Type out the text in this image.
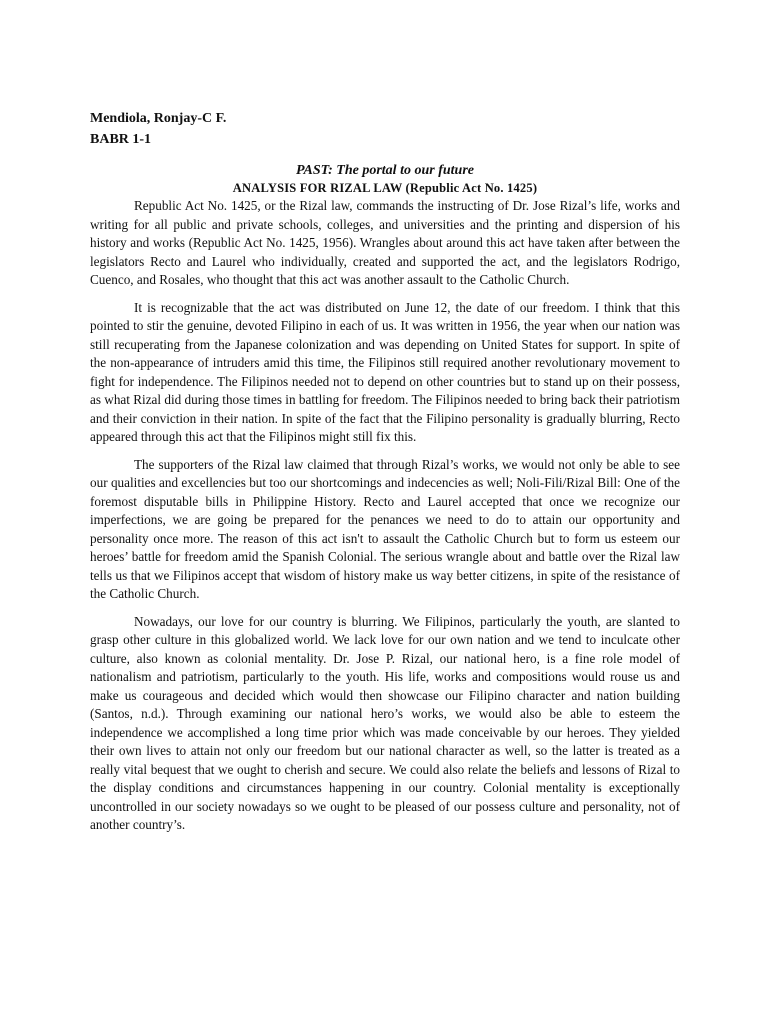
Mendiola, Ronjay-C F.

BABR 1-1

PAST: The portal to our future

ANALYSIS FOR RIZAL LAW (Republic Act No. 1425)

Republic Act No. 1425, or the Rizal law, commands the instructing of Dr. Jose Rizal’s life, works and writing for all public and private schools, colleges, and universities and the printing and dispersion of his history and works (Republic Act No. 1425, 1956). Wrangles about around this act have taken after between the legislators Recto and Laurel who individually, created and supported the act, and the legislators Rodrigo, Cuenco, and Rosales, who thought that this act was another assault to the Catholic Church.

It is recognizable that the act was distributed on June 12, the date of our freedom. I think that this pointed to stir the genuine, devoted Filipino in each of us. It was written in 1956, the year when our nation was still recuperating from the Japanese colonization and was depending on United States for support. In spite of the non-appearance of intruders amid this time, the Filipinos still required another revolutionary movement to fight for independence. The Filipinos needed not to depend on other countries but to stand up on their possess, as what Rizal did during those times in battling for freedom. The Filipinos needed to bring back their patriotism and their conviction in their nation. In spite of the fact that the Filipino personality is gradually blurring, Recto appeared through this act that the Filipinos might still fix this.

The supporters of the Rizal law claimed that through Rizal’s works, we would not only be able to see our qualities and excellencies but too our shortcomings and indecencies as well; Noli-Fili/Rizal Bill: One of the foremost disputable bills in Philippine History. Recto and Laurel accepted that once we recognize our imperfections, we are going be prepared for the penances we need to do to attain our opportunity and personality once more. The reason of this act isn't to assault the Catholic Church but to form us esteem our heroes’ battle for freedom amid the Spanish Colonial. The serious wrangle about and battle over the Rizal law tells us that we Filipinos accept that wisdom of history make us way better citizens, in spite of the resistance of the Catholic Church.

Nowadays, our love for our country is blurring. We Filipinos, particularly the youth, are slanted to grasp other culture in this globalized world. We lack love for our own nation and we tend to inculcate other culture, also known as colonial mentality. Dr. Jose P. Rizal, our national hero, is a fine role model of nationalism and patriotism, particularly to the youth. His life, works and compositions would rouse us and make us courageous and decided which would then showcase our Filipino character and nation building (Santos, n.d.). Through examining our national hero’s works, we would also be able to esteem the independence we accomplished a long time prior which was made conceivable by our heroes. They yielded their own lives to attain not only our freedom but our national character as well, so the latter is treated as a really vital bequest that we ought to cherish and secure. We could also relate the beliefs and lessons of Rizal to the display conditions and circumstances happening in our country. Colonial mentality is exceptionally uncontrolled in our society nowadays so we ought to be pleased of our possess culture and personality, not of another country’s.
